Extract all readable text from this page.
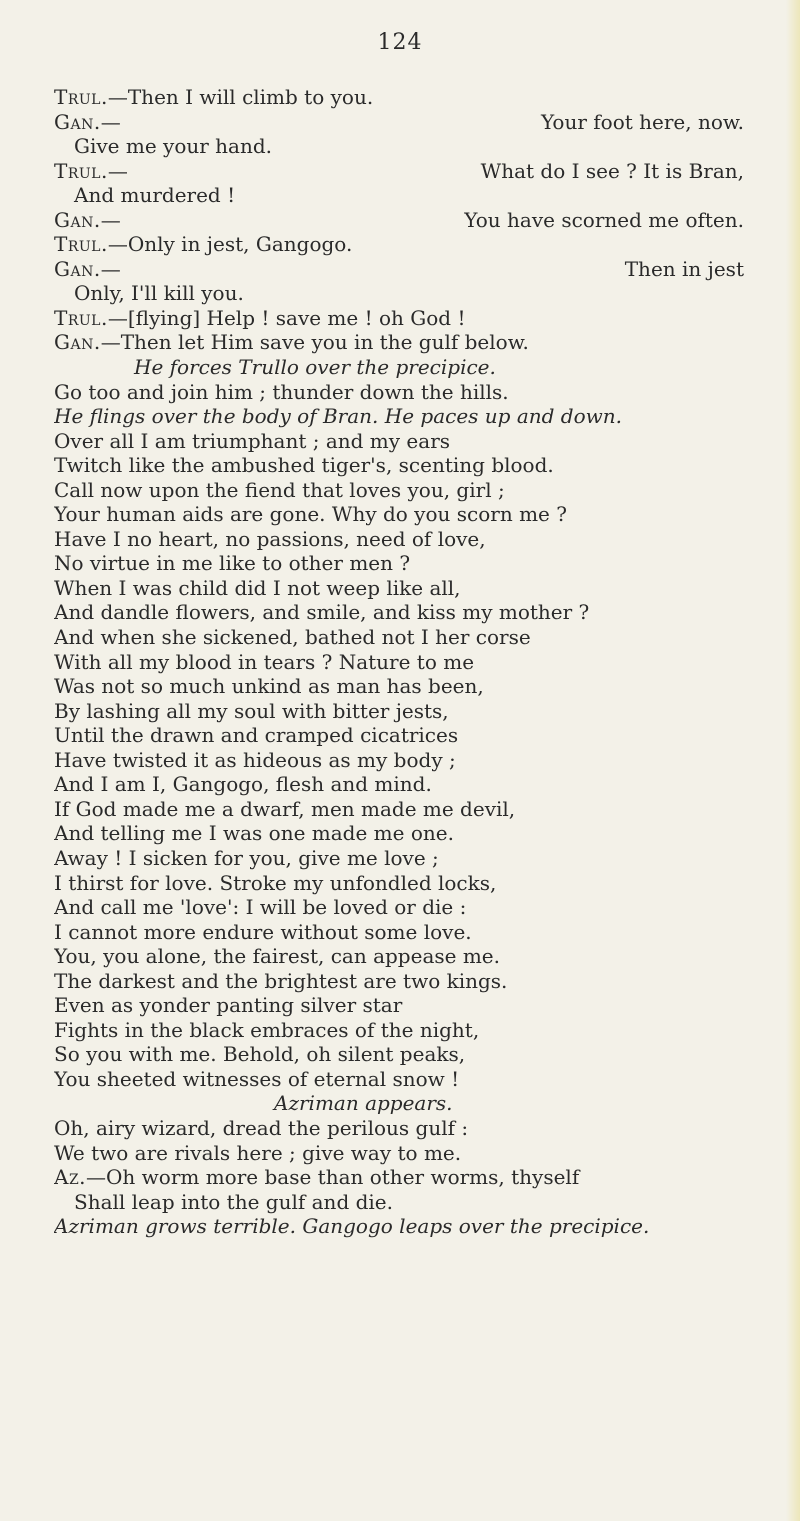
124
Trul.—Then I will climb to you.
Gan.—	Your foot here, now.
Give me your hand.
Trul.—	What do I see ? It is Bran,
And murdered !
Gan.—	You have scorned me often.
Trul.—Only in jest, Gangogo.
Gan.—	Then in jest
Only, I'll kill you.
Trul.—[flying] Help ! save me ! oh God !
Gan.—Then let Him save you in the gulf below.
He forces Trullo over the precipice.
Go too and join him ; thunder down the hills.
He flings over the body of Bran. He paces up and down.
Over all I am triumphant ; and my ears
Twitch like the ambushed tiger's, scenting blood.
Call now upon the fiend that loves you, girl ;
Your human aids are gone. Why do you scorn me ?
Have I no heart, no passions, need of love,
No virtue in me like to other men ?
When I was child did I not weep like all,
And dandle flowers, and smile, and kiss my mother ?
And when she sickened, bathed not I her corse
With all my blood in tears ? Nature to me
Was not so much unkind as man has been,
By lashing all my soul with bitter jests,
Until the drawn and cramped cicatrices
Have twisted it as hideous as my body ;
And I am I, Gangogo, flesh and mind.
If God made me a dwarf, men made me devil,
And telling me I was one made me one.
Away ! I sicken for you, give me love ;
I thirst for love. Stroke my unfondled locks,
And call me 'love': I will be loved or die :
I cannot more endure without some love.
You, you alone, the fairest, can appease me.
The darkest and the brightest are two kings.
Even as yonder panting silver star
Fights in the black embraces of the night,
So you with me. Behold, oh silent peaks,
You sheeted witnesses of eternal snow !
Azriman appears.
Oh, airy wizard, dread the perilous gulf :
We two are rivals here ; give way to me.
Az.—Oh worm more base than other worms, thyself
Shall leap into the gulf and die.
Azriman grows terrible. Gangogo leaps over the precipice.
